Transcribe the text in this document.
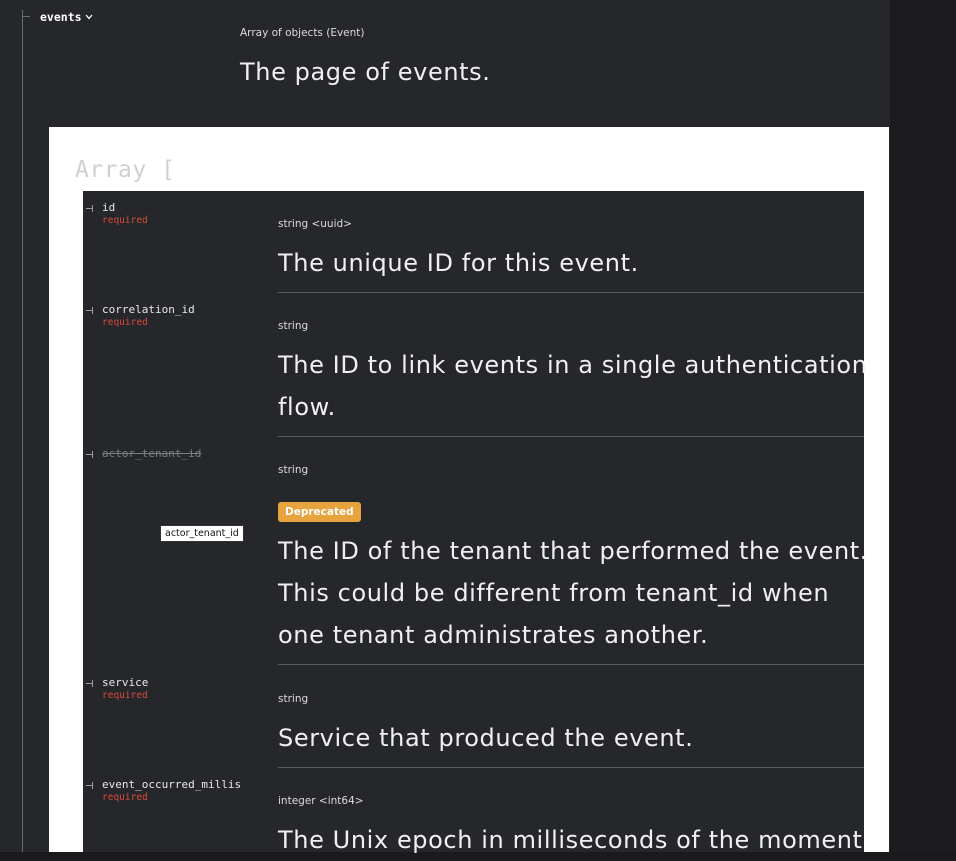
events
Array of objects (Event)
The page of events.
Array [
id
required	string <uuid>
The unique ID for this event.
correlation_id
required	string
The ID to link events in a single authentication flow.
actor_tenant_id
string
Deprecated
actor_tenant_id
The ID of the tenant that performed the event. This could be different from tenant_id when one tenant administrates another.
service
required	string
Service that produced the event.
event_occurred_millis
required	integer <int64>
The Unix epoch in milliseconds of the moment
